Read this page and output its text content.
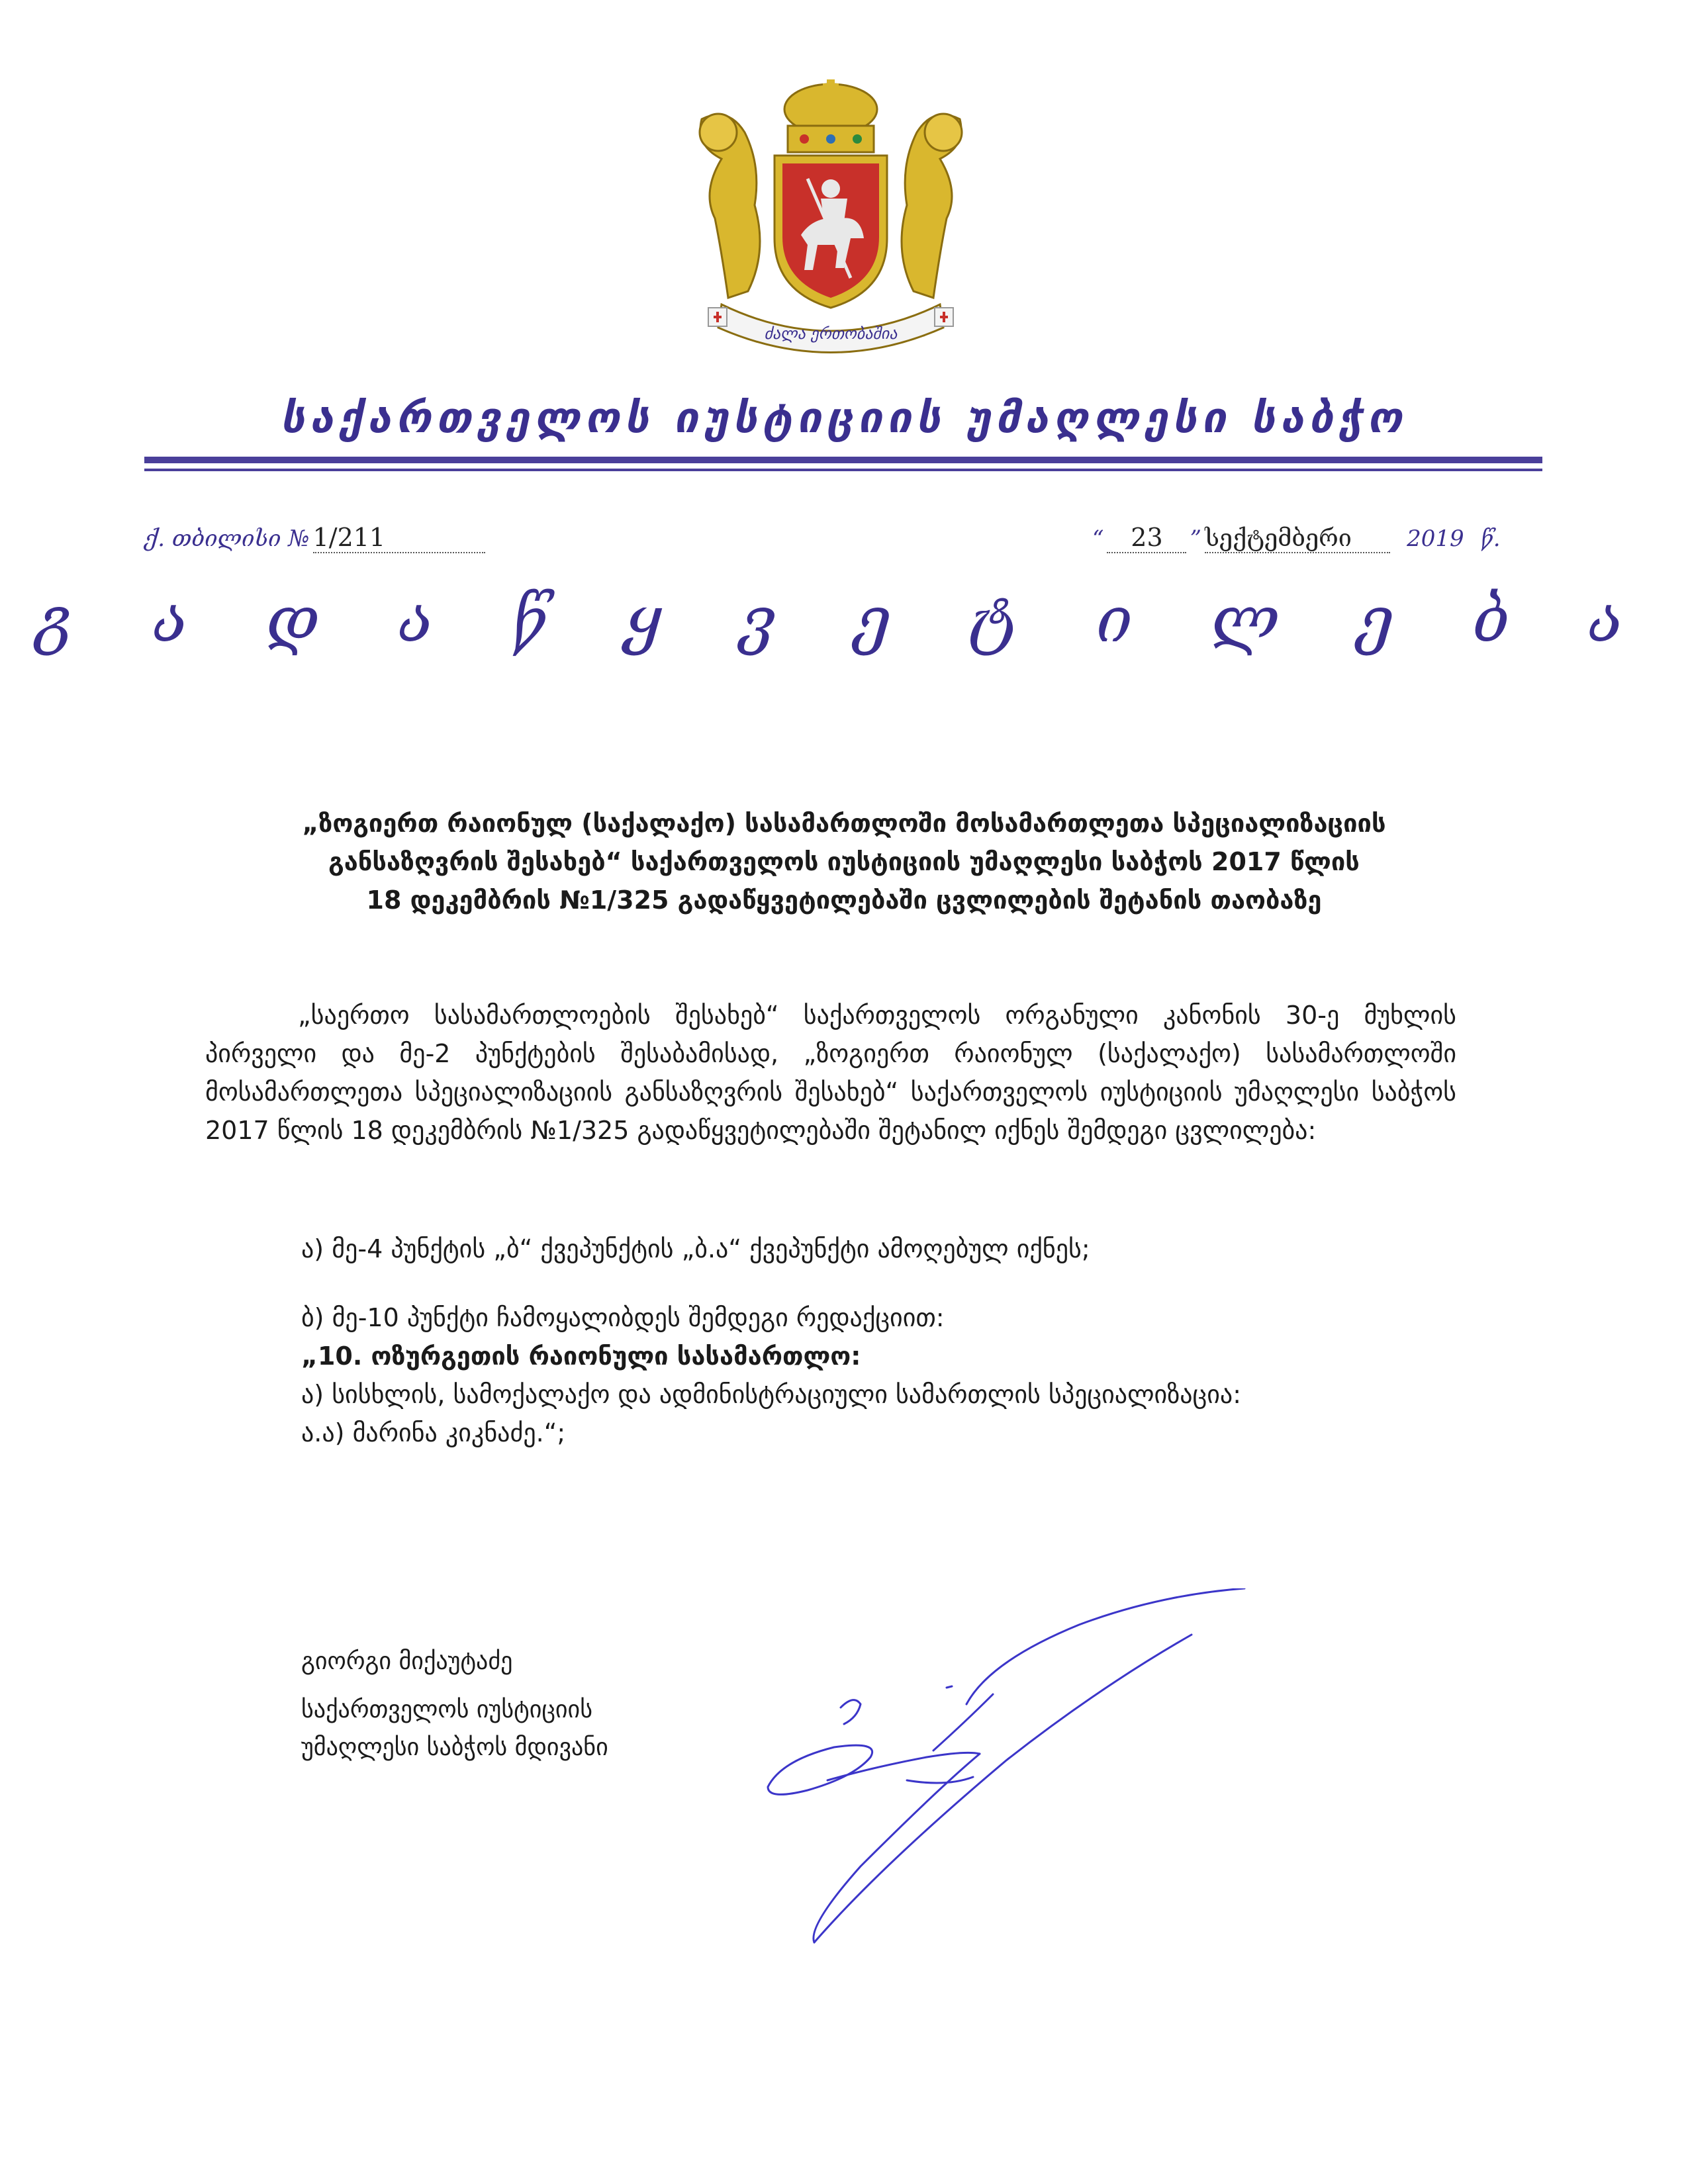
ძალა ერთობაშია
საქართველოს იუსტიციის უმაღლესი საბჭო
ქ. თბილისი № 1/211	“ 23 ” სექტემბერი 2019 წ.
გ ა დ ა წ ყ ვ ე ტ ი ლ ე ბ ა
„ზოგიერთ რაიონულ (საქალაქო) სასამართლოში მოსამართლეთა სპეციალიზაციის
განსაზღვრის შესახებ“ საქართველოს იუსტიციის უმაღლესი საბჭოს 2017 წლის
18 დეკემბრის №1/325 გადაწყვეტილებაში ცვლილების შეტანის თაობაზე
„საერთო სასამართლოების შესახებ“ საქართველოს ორგანული კანონის 30-ე მუხლის პირველი და მე-2 პუნქტების შესაბამისად, „ზოგიერთ რაიონულ (საქალაქო) სასამართლოში მოსამართლეთა სპეციალიზაციის განსაზღვრის შესახებ“ საქართველოს იუსტიციის უმაღლესი საბჭოს 2017 წლის 18 დეკემბრის №1/325 გადაწყვეტილებაში შეტანილ იქნეს შემდეგი ცვლილება:
ა) მე-4 პუნქტის „ბ“ ქვეპუნქტის „ბ.ა“ ქვეპუნქტი ამოღებულ იქნეს;
ბ) მე-10 პუნქტი ჩამოყალიბდეს შემდეგი რედაქციით:
„10. ოზურგეთის რაიონული სასამართლო:
ა) სისხლის, სამოქალაქო და ადმინისტრაციული სამართლის სპეციალიზაცია:
ა.ა) მარინა კიკნაძე.“;
გიორგი მიქაუტაძე
საქართველოს იუსტიციის
უმაღლესი საბჭოს მდივანი
